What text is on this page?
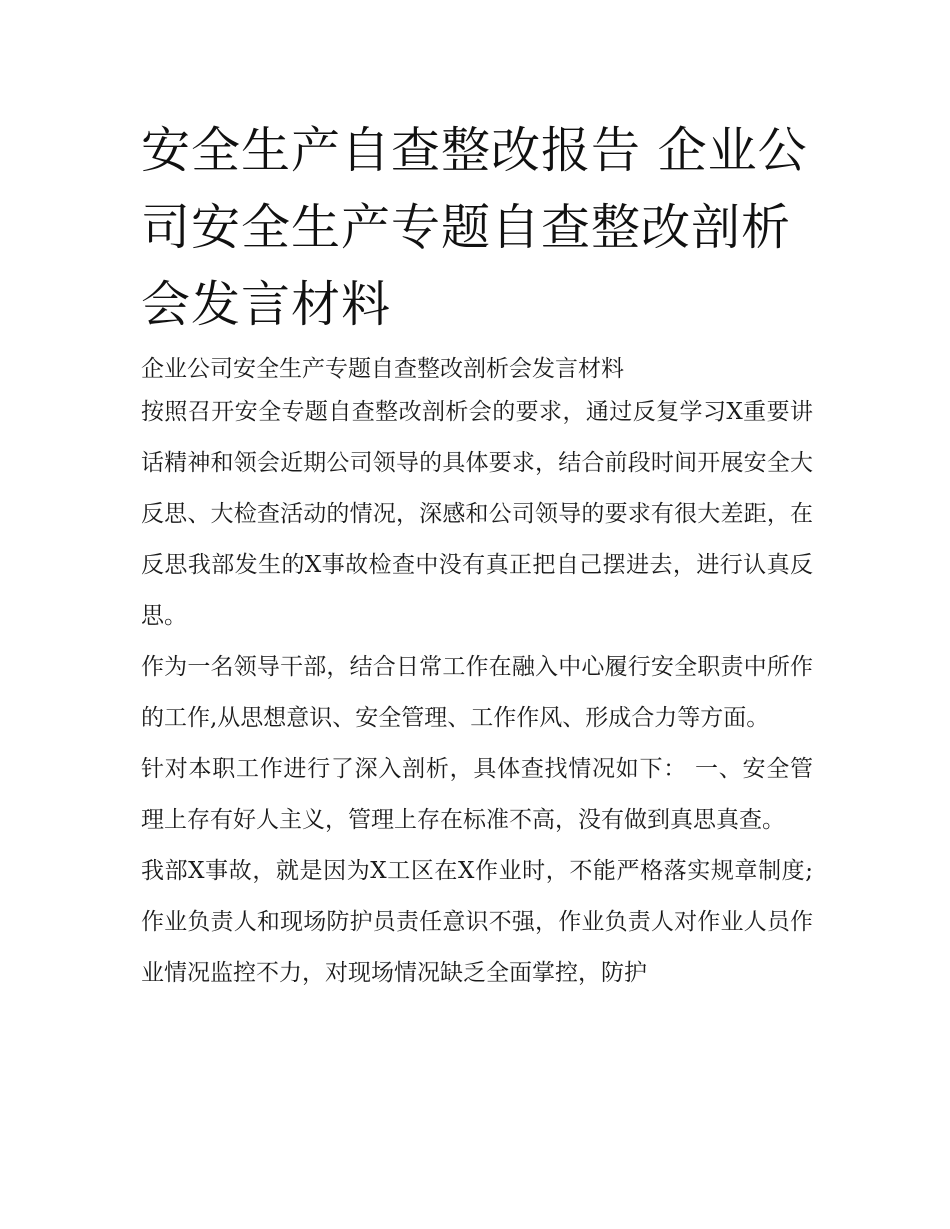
安全生产自查整改报告 企业公司安全生产专题自查整改剖析会发言材料

企业公司安全生产专题自查整改剖析会发言材料

按照召开安全专题自查整改剖析会的要求，通过反复学习X重要讲话精神和领会近期公司领导的具体要求，结合前段时间开展安全大反思、大检查活动的情况，深感和公司领导的要求有很大差距，在反思我部发生的X事故检查中没有真正把自己摆进去，进行认真反思。

作为一名领导干部，结合日常工作在融入中心履行安全职责中所作的工作,从思想意识、安全管理、工作作风、形成合力等方面。

针对本职工作进行了深入剖析，具体查找情况如下： 一、安全管理上存有好人主义，管理上存在标准不高，没有做到真思真查。

我部X事故，就是因为X工区在X作业时，不能严格落实规章制度;作业负责人和现场防护员责任意识不强，作业负责人对作业人员作业情况监控不力，对现场情况缺乏全面掌控，防护
